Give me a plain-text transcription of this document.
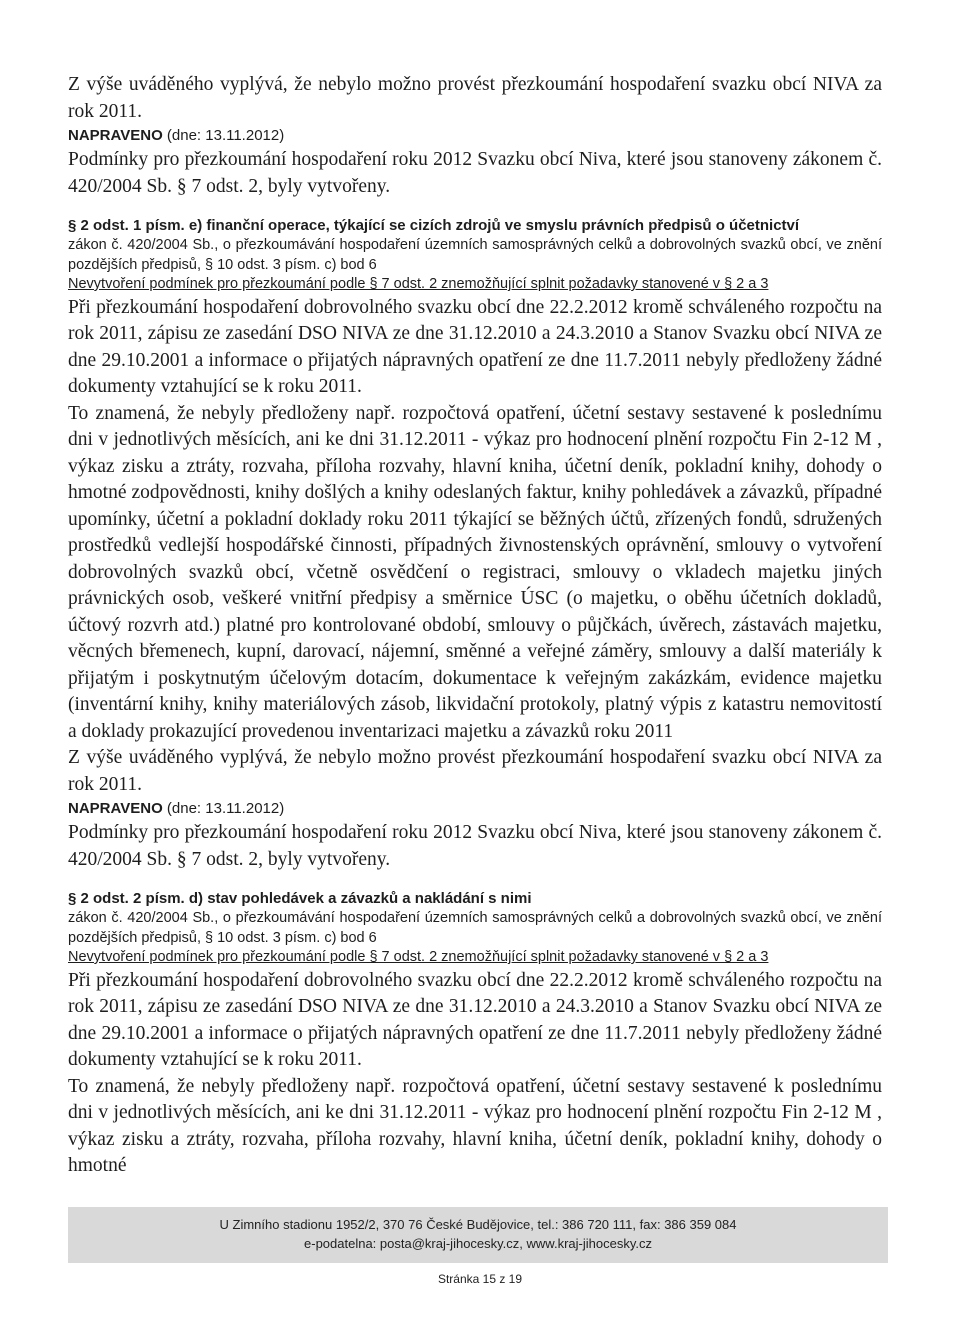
Z výše uváděného vyplývá, že nebylo možno provést přezkoumání hospodaření svazku obcí NIVA za rok 2011.

NAPRAVENO (dne: 13.11.2012)

Podmínky pro přezkoumání hospodaření roku 2012 Svazku obcí Niva, které jsou stanoveny zákonem č. 420/2004 Sb. § 7 odst. 2, byly vytvořeny.

§ 2 odst. 1 písm. e) finanční operace, týkající se cizích zdrojů ve smyslu právních předpisů o účetnictví

zákon č. 420/2004 Sb., o přezkoumávání hospodaření územních samosprávných celků a dobrovolných svazků obcí, ve znění pozdějších předpisů, § 10 odst. 3 písm. c) bod 6

Nevytvoření podmínek pro přezkoumání podle § 7 odst. 2 znemožňující splnit požadavky stanovené v § 2 a 3

Při přezkoumání hospodaření dobrovolného svazku obcí dne 22.2.2012 kromě schváleného rozpočtu na rok 2011, zápisu ze zasedání DSO NIVA ze dne 31.12.2010 a 24.3.2010 a Stanov Svazku obcí NIVA ze dne 29.10.2001 a informace o přijatých nápravných opatření ze dne 11.7.2011 nebyly předloženy žádné dokumenty vztahující se k roku 2011.

To znamená, že nebyly předloženy např. rozpočtová opatření, účetní sestavy sestavené k poslednímu dni v jednotlivých měsících, ani ke dni 31.12.2011 - výkaz pro hodnocení plnění rozpočtu Fin 2-12 M , výkaz zisku a ztráty, rozvaha, příloha rozvahy, hlavní kniha, účetní deník, pokladní knihy, dohody o hmotné zodpovědnosti, knihy došlých a knihy odeslaných faktur, knihy pohledávek a závazků, případné upomínky, účetní a pokladní doklady roku 2011 týkající se běžných účtů, zřízených fondů, sdružených prostředků vedlejší hospodářské činnosti, případných živnostenských oprávnění, smlouvy o vytvoření dobrovolných svazků obcí, včetně osvědčení o registraci, smlouvy o vkladech majetku jiných právnických osob, veškeré vnitřní předpisy a směrnice ÚSC (o majetku, o oběhu účetních dokladů, účtový rozvrh atd.) platné pro kontrolované období, smlouvy o půjčkách, úvěrech, zástavách majetku, věcných břemenech, kupní, darovací, nájemní, směnné a veřejné záměry, smlouvy a další materiály k přijatým i poskytnutým účelovým dotacím, dokumentace k veřejným zakázkám, evidence majetku (inventární knihy, knihy materiálových zásob, likvidační protokoly, platný výpis z katastru nemovitostí a doklady prokazující provedenou inventarizaci majetku a závazků roku 2011

Z výše uváděného vyplývá, že nebylo možno provést přezkoumání hospodaření svazku obcí NIVA za rok 2011.

NAPRAVENO (dne: 13.11.2012)

Podmínky pro přezkoumání hospodaření roku 2012 Svazku obcí Niva, které jsou stanoveny zákonem č. 420/2004 Sb. § 7 odst. 2, byly vytvořeny.

§ 2 odst. 2 písm. d) stav pohledávek a závazků a nakládání s nimi

zákon č. 420/2004 Sb., o přezkoumávání hospodaření územních samosprávných celků a dobrovolných svazků obcí, ve znění pozdějších předpisů, § 10 odst. 3 písm. c) bod 6

Nevytvoření podmínek pro přezkoumání podle § 7 odst. 2 znemožňující splnit požadavky stanovené v § 2 a 3

Při přezkoumání hospodaření dobrovolného svazku obcí dne 22.2.2012 kromě schváleného rozpočtu na rok 2011, zápisu ze zasedání DSO NIVA ze dne 31.12.2010 a 24.3.2010 a Stanov Svazku obcí NIVA ze dne 29.10.2001 a informace o přijatých nápravných opatření ze dne 11.7.2011 nebyly předloženy žádné dokumenty vztahující se k roku 2011.

To znamená, že nebyly předloženy např. rozpočtová opatření, účetní sestavy sestavené k poslednímu dni v jednotlivých měsících, ani ke dni 31.12.2011 - výkaz pro hodnocení plnění rozpočtu Fin 2-12 M , výkaz zisku a ztráty, rozvaha, příloha rozvahy, hlavní kniha, účetní deník, pokladní knihy, dohody o hmotné

U Zimního stadionu 1952/2, 370 76 České Budějovice, tel.: 386 720 111, fax: 386 359 084
e-podatelna: posta@kraj-jihocesky.cz, www.kraj-jihocesky.cz
Stránka 15 z 19
